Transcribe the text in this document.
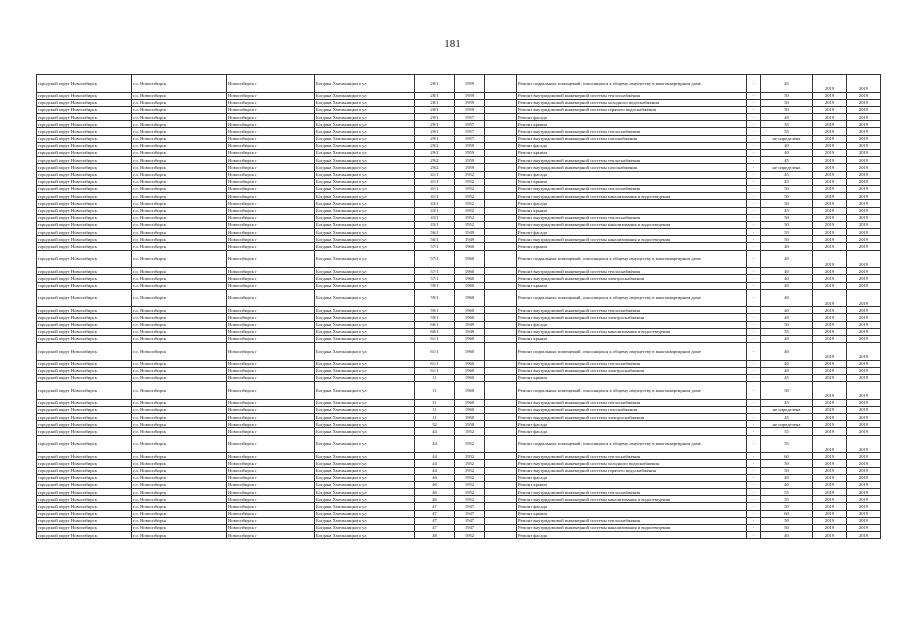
181
городской округ Новосибирск	г.о. Новосибирск	Новосибирск г	Богдана Хмельницкого ул	28/1	1959		Ремонт подвальных помещений, относящихся к общему имуществу в многоквартирном доме	-	45	2019	2019
городской округ Новосибирск	г.о. Новосибирск	Новосибирск г	Богдана Хмельницкого ул	28/1	1959		Ремонт внутридомовой инженерной системы теплоснабжения	-	50	2019	2019
городской округ Новосибирск	г.о. Новосибирск	Новосибирск г	Богдана Хмельницкого ул	28/1	1959		Ремонт внутридомовой инженерной системы холодного водоснабжения	-	50	2019	2019
городской округ Новосибирск	г.о. Новосибирск	Новосибирск г	Богдана Хмельницкого ул	28/1	1959		Ремонт внутридомовой инженерной системы горячего водоснабжения	-	50	2019	2019
городской округ Новосибирск	г.о. Новосибирск	Новосибирск г	Богдана Хмельницкого ул	29/1	1957		Ремонт фасада	-	40	2019	2019
городской округ Новосибирск	г.о. Новосибирск	Новосибирск г	Богдана Хмельницкого ул	29/1	1957		Ремонт крыши	-	35	2019	2019
городской округ Новосибирск	г.о. Новосибирск	Новосибирск г	Богдана Хмельницкого ул	29/1	1957		Ремонт внутридомовой инженерной системы теплоснабжения	-	55	2019	2019
городской округ Новосибирск	г.о. Новосибирск	Новосибирск г	Богдана Хмельницкого ул	29/1	1957		Ремонт внутридомовой инженерной системы газоснабжения	-	не определена	2019	2019
городской округ Новосибирск	г.о. Новосибирск	Новосибирск г	Богдана Хмельницкого ул	29/2	1959		Ремонт фасада	-	40	2019	2019
городской округ Новосибирск	г.о. Новосибирск	Новосибирск г	Богдана Хмельницкого ул	29/2	1959		Ремонт крыши	-	40	2019	2019
городской округ Новосибирск	г.о. Новосибирск	Новосибирск г	Богдана Хмельницкого ул	29/2	1959		Ремонт внутридомовой инженерной системы теплоснабжения	-	45	2019	2019
городской округ Новосибирск	г.о. Новосибирск	Новосибирск г	Богдана Хмельницкого ул	29/2	1959		Ремонт внутридомовой инженерной системы газоснабжения	-	не определена	2019	2019
городской округ Новосибирск	г.о. Новосибирск	Новосибирск г	Богдана Хмельницкого ул	41/1	1952		Ремонт фасада	-	45	2019	2019
городской округ Новосибирск	г.о. Новосибирск	Новосибирск г	Богдана Хмельницкого ул	41/1	1952		Ремонт крыши	-	45	2019	2019
городской округ Новосибирск	г.о. Новосибирск	Новосибирск г	Богдана Хмельницкого ул	41/1	1952		Ремонт внутридомовой инженерной системы теплоснабжения	-	50	2019	2019
городской округ Новосибирск	г.о. Новосибирск	Новосибирск г	Богдана Хмельницкого ул	41/1	1952		Ремонт внутридомовой инженерной системы канализования и водоотведения	-	50	2019	2019
городской округ Новосибирск	г.о. Новосибирск	Новосибирск г	Богдана Хмельницкого ул	43/1	1952		Ремонт фасада	-	50	2019	2019
городской округ Новосибирск	г.о. Новосибирск	Новосибирск г	Богдана Хмельницкого ул	43/1	1952		Ремонт крыши	-	45	2019	2019
городской округ Новосибирск	г.о. Новосибирск	Новосибирск г	Богдана Хмельницкого ул	43/1	1952		Ремонт внутридомовой инженерной системы теплоснабжения	-	50	2019	2019
городской округ Новосибирск	г.о. Новосибирск	Новосибирск г	Богдана Хмельницкого ул	43/1	1952		Ремонт внутридомовой инженерной системы канализования и водоотведения	-	50	2019	2019
городской округ Новосибирск	г.о. Новосибирск	Новосибирск г	Богдана Хмельницкого ул	56/1	1949		Ремонт фасада	-	55	2019	2019
городской округ Новосибирск	г.о. Новосибирск	Новосибирск г	Богдана Хмельницкого ул	56/1	1949		Ремонт внутридомовой инженерной системы канализования и водоотведения	-	50	2019	2019
городской округ Новосибирск	г.о. Новосибирск	Новосибирск г	Богдана Хмельницкого ул	57/1	1960		Ремонт крыши	-	40	2019	2019
городской округ Новосибирск	г.о. Новосибирск	Новосибирск г	Богдана Хмельницкого ул	57/1	1960		Ремонт подвальных помещений, относящихся к общему имуществу в многоквартирном доме	-	40	2019	2019
городской округ Новосибирск	г.о. Новосибирск	Новосибирск г	Богдана Хмельницкого ул	57/1	1960		Ремонт внутридомовой инженерной системы теплоснабжения	-	40	2019	2019
городской округ Новосибирск	г.о. Новосибирск	Новосибирск г	Богдана Хмельницкого ул	57/1	1960		Ремонт внутридомовой инженерной системы электроснабжения	-	40	2019	2019
городской округ Новосибирск	г.о. Новосибирск	Новосибирск г	Богдана Хмельницкого ул	59/1	1960		Ремонт крыши	-	40	2019	2019
городской округ Новосибирск	г.о. Новосибирск	Новосибирск г	Богдана Хмельницкого ул	59/1	1960		Ремонт подвальных помещений, относящихся к общему имуществу в многоквартирном доме	-	40	2019	2019
городской округ Новосибирск	г.о. Новосибирск	Новосибирск г	Богдана Хмельницкого ул	59/1	1960		Ремонт внутридомовой инженерной системы теплоснабжения	-	40	2019	2019
городской округ Новосибирск	г.о. Новосибирск	Новосибирск г	Богдана Хмельницкого ул	59/1	1960		Ремонт внутридомовой инженерной системы электроснабжения	-	40	2019	2019
городской округ Новосибирск	г.о. Новосибирск	Новосибирск г	Богдана Хмельницкого ул	60/1	1949		Ремонт фасада	-	50	2019	2019
городской округ Новосибирск	г.о. Новосибирск	Новосибирск г	Богдана Хмельницкого ул	60/1	1949		Ремонт внутридомовой инженерной системы канализования и водоотведения	-	55	2019	2019
городской округ Новосибирск	г.о. Новосибирск	Новосибирск г	Богдана Хмельницкого ул	61/1	1960		Ремонт крыши	-	40	2019	2019
городской округ Новосибирск	г.о. Новосибирск	Новосибирск г	Богдана Хмельницкого ул	61/1	1960		Ремонт подвальных помещений, относящихся к общему имуществу в многоквартирном доме	-	40	2019	2019
городской округ Новосибирск	г.о. Новосибирск	Новосибирск г	Богдана Хмельницкого ул	61/1	1960		Ремонт внутридомовой инженерной системы теплоснабжения	-	40	2019	2019
городской округ Новосибирск	г.о. Новосибирск	Новосибирск г	Богдана Хмельницкого ул	61/1	1960		Ремонт внутридомовой инженерной системы электроснабжения	-	40	2019	2019
городской округ Новосибирск	г.о. Новосибирск	Новосибирск г	Богдана Хмельницкого ул	11	1960		Ремонт крыши	-	45	2019	2019
городской округ Новосибирск	г.о. Новосибирск	Новосибирск г	Богдана Хмельницкого ул	11	1960		Ремонт подвальных помещений, относящихся к общему имуществу в многоквартирном доме	-	50	2019	2019
городской округ Новосибирск	г.о. Новосибирск	Новосибирск г	Богдана Хмельницкого ул	11	1960		Ремонт внутридомовой инженерной системы теплоснабжения	-	45	2019	2019
городской округ Новосибирск	г.о. Новосибирск	Новосибирск г	Богдана Хмельницкого ул	11	1960		Ремонт внутридомовой инженерной системы газоснабжения	-	не определена	2019	2019
городской округ Новосибирск	г.о. Новосибирск	Новосибирск г	Богдана Хмельницкого ул	11	1960		Ремонт внутридомовой инженерной системы электроснабжения	-	45	2019	2019
городской округ Новосибирск	г.о. Новосибирск	Новосибирск г	Богдана Хмельницкого ул	32	1958		Ремонт фасада	-	не определена	2019	2019
городской округ Новосибирск	г.о. Новосибирск	Новосибирск г	Богдана Хмельницкого ул	44	1952		Ремонт фасада	-	55	2019	2019
городской округ Новосибирск	г.о. Новосибирск	Новосибирск г	Богдана Хмельницкого ул	44	1952		Ремонт подвальных помещений, относящихся к общему имуществу в многоквартирном доме	-	55	2019	2019
городской округ Новосибирск	г.о. Новосибирск	Новосибирск г	Богдана Хмельницкого ул	44	1952		Ремонт внутридомовой инженерной системы теплоснабжения	-	60	2019	2019
городской округ Новосибирск	г.о. Новосибирск	Новосибирск г	Богдана Хмельницкого ул	44	1952		Ремонт внутридомовой инженерной системы холодного водоснабжения	-	50	2019	2019
городской округ Новосибирск	г.о. Новосибирск	Новосибирск г	Богдана Хмельницкого ул	44	1952		Ремонт внутридомовой инженерной системы горячего водоснабжения	-	50	2019	2019
городской округ Новосибирск	г.о. Новосибирск	Новосибирск г	Богдана Хмельницкого ул	46	1952		Ремонт фасада	-	40	2019	2019
городской округ Новосибирск	г.о. Новосибирск	Новосибирск г	Богдана Хмельницкого ул	46	1952		Ремонт крыши	-	40	2019	2019
городской округ Новосибирск	г.о. Новосибирск	Новосибирск г	Богдана Хмельницкого ул	46	1952		Ремонт внутридомовой инженерной системы теплоснабжения	-	55	2019	2019
городской округ Новосибирск	г.о. Новосибирск	Новосибирск г	Богдана Хмельницкого ул	46	1952		Ремонт внутридомовой инженерной системы канализования и водоотведения	-	55	2019	2019
городской округ Новосибирск	г.о. Новосибирск	Новосибирск г	Богдана Хмельницкого ул	47	1947		Ремонт фасада	-	50	2019	2019
городской округ Новосибирск	г.о. Новосибирск	Новосибирск г	Богдана Хмельницкого ул	47	1947		Ремонт крыши	-	60	2019	2019
городской округ Новосибирск	г.о. Новосибирск	Новосибирск г	Богдана Хмельницкого ул	47	1947		Ремонт внутридомовой инженерной системы теплоснабжения	-	50	2019	2019
городской округ Новосибирск	г.о. Новосибирск	Новосибирск г	Богдана Хмельницкого ул	47	1947		Ремонт внутридомовой инженерной системы канализования и водоотведения	-	50	2019	2019
городской округ Новосибирск	г.о. Новосибирск	Новосибирск г	Богдана Хмельницкого ул	48	1952		Ремонт фасада	-	40	2019	2019
